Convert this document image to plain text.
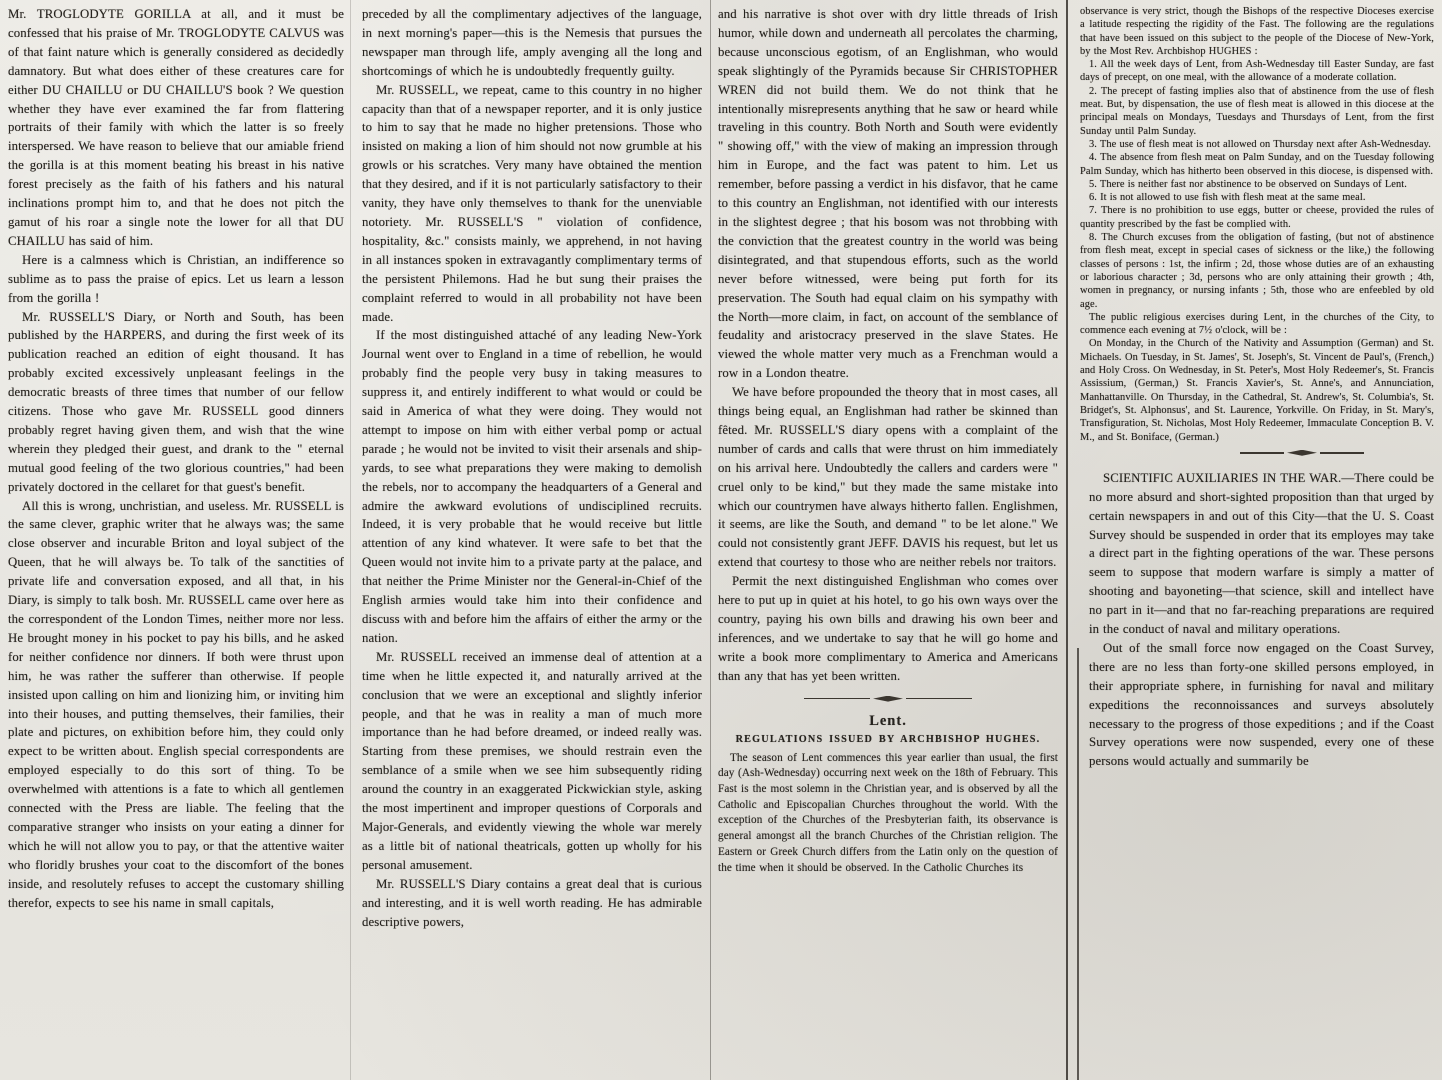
Mr. TROGLODYTE GORILLA at all, and it must be confessed that his praise of Mr. TROGLODYTE CALVUS was of that faint nature which is generally considered as decidedly damnatory. But what does either of these creatures care for either DU CHAILLU or DU CHAILLU'S book ? We question whether they have ever examined the far from flattering portraits of their family with which the latter is so freely interspersed. We have reason to believe that our amiable friend the gorilla is at this moment beating his breast in his native forest precisely as the faith of his fathers and his natural inclinations prompt him to, and that he does not pitch the gamut of his roar a single note the lower for all that DU CHAILLU has said of him.

Here is a calmness which is Christian, an indifference so sublime as to pass the praise of epics. Let us learn a lesson from the gorilla !

Mr. RUSSELL'S Diary, or North and South, has been published by the HARPERS, and during the first week of its publication reached an edition of eight thousand. It has probably excited excessively unpleasant feelings in the democratic breasts of three times that number of our fellow citizens. Those who gave Mr. RUSSELL good dinners probably regret having given them, and wish that the wine wherein they pledged their guest, and drank to the " eternal mutual good feeling of the two glorious countries," had been privately doctored in the cellaret for that guest's benefit.

All this is wrong, unchristian, and useless. Mr. RUSSELL is the same clever, graphic writer that he always was; the same close observer and incurable Briton and loyal subject of the Queen, that he will always be. To talk of the sanctities of private life and conversation exposed, and all that, in his Diary, is simply to talk bosh. Mr. RUSSELL came over here as the correspondent of the London Times, neither more nor less. He brought money in his pocket to pay his bills, and he asked for neither confidence nor dinners. If both were thrust upon him, he was rather the sufferer than otherwise. If people insisted upon calling on him and lionizing him, or inviting him into their houses, and putting themselves, their families, their plate and pictures, on exhibition before him, they could only expect to be written about. English special correspondents are employed especially to do this sort of thing. To be overwhelmed with attentions is a fate to which all gentlemen connected with the Press are liable. The feeling that the comparative stranger who insists on your eating a dinner for which he will not allow you to pay, or that the attentive waiter who floridly brushes your coat to the discomfort of the bones inside, and resolutely refuses to accept the customary shilling therefor, expects to see his name in small capitals,

preceded by all the complimentary adjectives of the language, in next morning's paper—this is the Nemesis that pursues the newspaper man through life, amply avenging all the long and shortcomings of which he is undoubtedly frequently guilty.

Mr. RUSSELL, we repeat, came to this country in no higher capacity than that of a newspaper reporter, and it is only justice to him to say that he made no higher pretensions. Those who insisted on making a lion of him should not now grumble at his growls or his scratches. Very many have obtained the mention that they desired, and if it is not particularly satisfactory to their vanity, they have only themselves to thank for the unenviable notoriety. Mr. RUSSELL'S " violation of confidence, hospitality, &c." consists mainly, we apprehend, in not having in all instances spoken in extravagantly complimentary terms of the persistent Philemons. Had he but sung their praises the complaint referred to would in all probability not have been made.

If the most distinguished attaché of any leading New-York Journal went over to England in a time of rebellion, he would probably find the people very busy in taking measures to suppress it, and entirely indifferent to what would or could be said in America of what they were doing. They would not attempt to impose on him with either verbal pomp or actual parade ; he would not be invited to visit their arsenals and ship-yards, to see what preparations they were making to demolish the rebels, nor to accompany the headquarters of a General and admire the awkward evolutions of undisciplined recruits. Indeed, it is very probable that he would receive but little attention of any kind whatever. It were safe to bet that the Queen would not invite him to a private party at the palace, and that neither the Prime Minister nor the General-in-Chief of the English armies would take him into their confidence and discuss with and before him the affairs of either the army or the nation.

Mr. RUSSELL received an immense deal of attention at a time when he little expected it, and naturally arrived at the conclusion that we were an exceptional and slightly inferior people, and that he was in reality a man of much more importance than he had before dreamed, or indeed really was. Starting from these premises, we should restrain even the semblance of a smile when we see him subsequently riding around the country in an exaggerated Pickwickian style, asking the most impertinent and improper questions of Corporals and Major-Generals, and evidently viewing the whole war merely as a little bit of national theatricals, gotten up wholly for his personal amusement.

Mr. RUSSELL'S Diary contains a great deal that is curious and interesting, and it is well worth reading. He has admirable descriptive powers,

and his narrative is shot over with dry little threads of Irish humor, while down and underneath all percolates the charming, because unconscious egotism, of an Englishman, who would speak slightingly of the Pyramids because Sir CHRISTOPHER WREN did not build them. We do not think that he intentionally misrepresents anything that he saw or heard while traveling in this country. Both North and South were evidently " showing off," with the view of making an impression through him in Europe, and the fact was patent to him. Let us remember, before passing a verdict in his disfavor, that he came to this country an Englishman, not identified with our interests in the slightest degree ; that his bosom was not throbbing with the conviction that the greatest country in the world was being disintegrated, and that stupendous efforts, such as the world never before witnessed, were being put forth for its preservation. The South had equal claim on his sympathy with the North—more claim, in fact, on account of the semblance of feudality and aristocracy preserved in the slave States. He viewed the whole matter very much as a Frenchman would a row in a London theatre.

We have before propounded the theory that in most cases, all things being equal, an Englishman had rather be skinned than fêted. Mr. RUSSELL'S diary opens with a complaint of the number of cards and calls that were thrust on him immediately on his arrival here. Undoubtedly the callers and carders were " cruel only to be kind," but they made the same mistake into which our countrymen have always hitherto fallen. Englishmen, it seems, are like the South, and demand " to be let alone." We could not consistently grant JEFF. DAVIS his request, but let us extend that courtesy to those who are neither rebels nor traitors.

Permit the next distinguished Englishman who comes over here to put up in quiet at his hotel, to go his own ways over the country, paying his own bills and drawing his own beer and inferences, and we undertake to say that he will go home and write a book more complimentary to America and Americans than any that has yet been written.

Lent.

REGULATIONS ISSUED BY ARCHBISHOP HUGHES.

The season of Lent commences this year earlier than usual, the first day (Ash-Wednesday) occurring next week on the 18th of February. This Fast is the most solemn in the Christian year, and is observed by all the Catholic and Episcopalian Churches throughout the world. With the exception of the Churches of the Presbyterian faith, its observance is general amongst all the branch Churches of the Christian religion. The Eastern or Greek Church differs from the Latin only on the question of the time when it should be observed. In the Catholic Churches its

observance is very strict, though the Bishops of the respective Dioceses exercise a latitude respecting the rigidity of the Fast. The following are the regulations that have been issued on this subject to the people of the Diocese of New-York, by the Most Rev. Archbishop HUGHES :

1. All the week days of Lent, from Ash-Wednesday till Easter Sunday, are fast days of precept, on one meal, with the allowance of a moderate collation.

2. The precept of fasting implies also that of abstinence from the use of flesh meat. But, by dispensation, the use of flesh meat is allowed in this diocese at the principal meals on Mondays, Tuesdays and Thursdays of Lent, from the first Sunday until Palm Sunday.

3. The use of flesh meat is not allowed on Thursday next after Ash-Wednesday.

4. The absence from flesh meat on Palm Sunday, and on the Tuesday following Palm Sunday, which has hitherto been observed in this diocese, is dispensed with.

5. There is neither fast nor abstinence to be observed on Sundays of Lent.

6. It is not allowed to use fish with flesh meat at the same meal.

7. There is no prohibition to use eggs, butter or cheese, provided the rules of quantity prescribed by the fast be complied with.

8. The Church excuses from the obligation of fasting, (but not of abstinence from flesh meat, except in special cases of sickness or the like,) the following classes of persons : 1st, the infirm ; 2d, those whose duties are of an exhausting or laborious character ; 3d, persons who are only attaining their growth ; 4th, women in pregnancy, or nursing infants ; 5th, those who are enfeebled by old age.

The public religious exercises during Lent, in the churches of the City, to commence each evening at 7½ o'clock, will be :

On Monday, in the Church of the Nativity and Assumption (German) and St. Michaels. On Tuesday, in St. James', St. Joseph's, St. Vincent de Paul's, (French,) and Holy Cross. On Wednesday, in St. Peter's, Most Holy Redeemer's, St. Francis Assissium, (German,) St. Francis Xavier's, St. Anne's, and Annunciation, Manhattanville. On Thursday, in the Cathedral, St. Andrew's, St. Columbia's, St. Bridget's, St. Alphonsus', and St. Laurence, Yorkville. On Friday, in St. Mary's, Transfiguration, St. Nicholas, Most Holy Redeemer, Immaculate Conception B. V. M., and St. Boniface, (German.)

SCIENTIFIC AUXILIARIES IN THE WAR.—There could be no more absurd and short-sighted proposition than that urged by certain newspapers in and out of this City—that the U. S. Coast Survey should be suspended in order that its employes may take a direct part in the fighting operations of the war. These persons seem to suppose that modern warfare is simply a matter of shooting and bayoneting—that science, skill and intellect have no part in it—and that no far-reaching preparations are required in the conduct of naval and military operations.

Out of the small force now engaged on the Coast Survey, there are no less than forty-one skilled persons employed, in their appropriate sphere, in furnishing for naval and military expeditions the reconnoissances and surveys absolutely necessary to the progress of those expeditions ; and if the Coast Survey operations were now suspended, every one of these persons would actually and summarily be
